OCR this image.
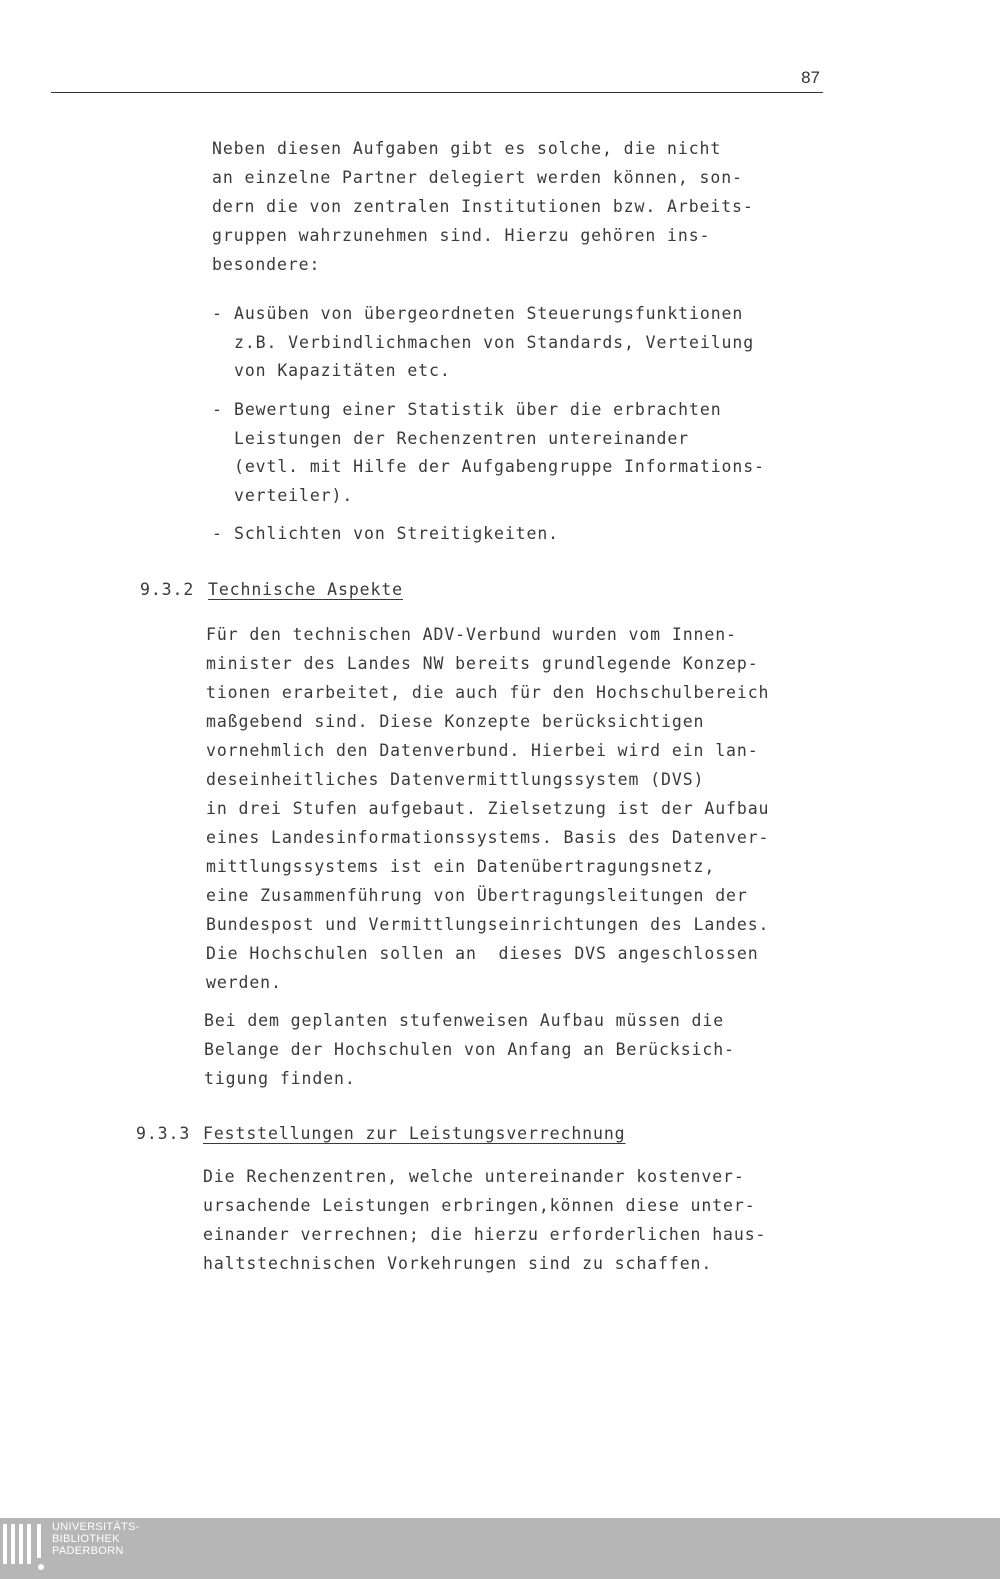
87

Neben diesen Aufgaben gibt es solche, die nicht
an einzelne Partner delegiert werden können, son-
dern die von zentralen Institutionen bzw. Arbeits-
gruppen wahrzunehmen sind. Hierzu gehören ins-
besondere:

- Ausüben von übergeordneten Steuerungsfunktionen
z.B. Verbindlichmachen von Standards, Verteilung
von Kapazitäten etc.
- Bewertung einer Statistik über die erbrachten
Leistungen der Rechenzentren untereinander
(evtl. mit Hilfe der Aufgabengruppe Informations-
verteiler).
- Schlichten von Streitigkeiten.
9.3.2 Technische Aspekte

Für den technischen ADV-Verbund wurden vom Innen-
minister des Landes NW bereits grundlegende Konzep-
tionen erarbeitet, die auch für den Hochschulbereich
maßgebend sind. Diese Konzepte berücksichtigen
vornehmlich den Datenverbund. Hierbei wird ein lan-
deseinheitliches Datenvermittlungssystem (DVS)
in drei Stufen aufgebaut. Zielsetzung ist der Aufbau
eines Landesinformationssystems. Basis des Datenver-
mittlungssystems ist ein Datenübertragungsnetz,
eine Zusammenführung von Übertragungsleitungen der
Bundespost und Vermittlungseinrichtungen des Landes.
Die Hochschulen sollen an  dieses DVS angeschlossen
werden.

Bei dem geplanten stufenweisen Aufbau müssen die
Belange der Hochschulen von Anfang an Berücksich-
tigung finden.

9.3.3 Feststellungen zur Leistungsverrechnung

Die Rechenzentren, welche untereinander kostenver-
ursachende Leistungen erbringen,können diese unter-
einander verrechnen; die hierzu erforderlichen haus-
haltstechnischen Vorkehrungen sind zu schaffen.

UNIVERSITÄTS-
BIBLIOTHEK
PADERBORN
